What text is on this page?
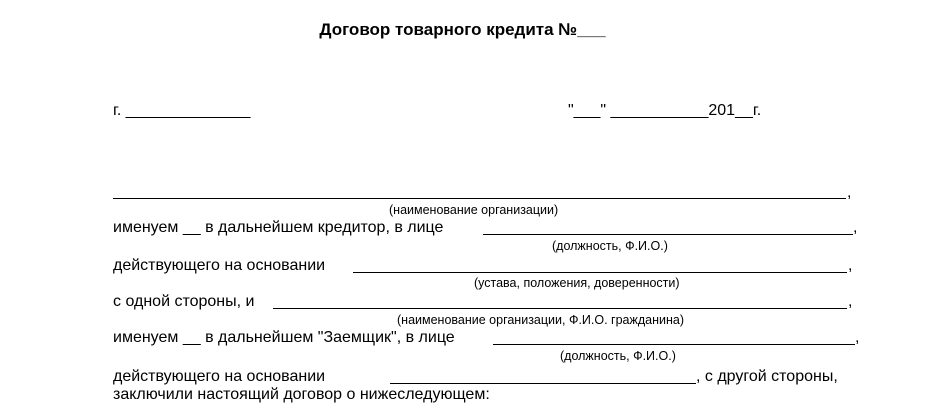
Договор товарного кредита №___
г. ______________	"___" ___________201__г.
,
(наименование организации)
именуем __ в дальнейшем кредитор, в лице	,
(должность, Ф.И.О.)
действующего на основании	,
(устава, положения, доверенности)
с одной стороны, и	,
(наименование организации, Ф.И.О. гражданина)
именуем __ в дальнейшем "Заемщик", в лице	,
(должность, Ф.И.О.)
действующего на основании	, с другой стороны,
заключили настоящий договор о нижеследующем:
